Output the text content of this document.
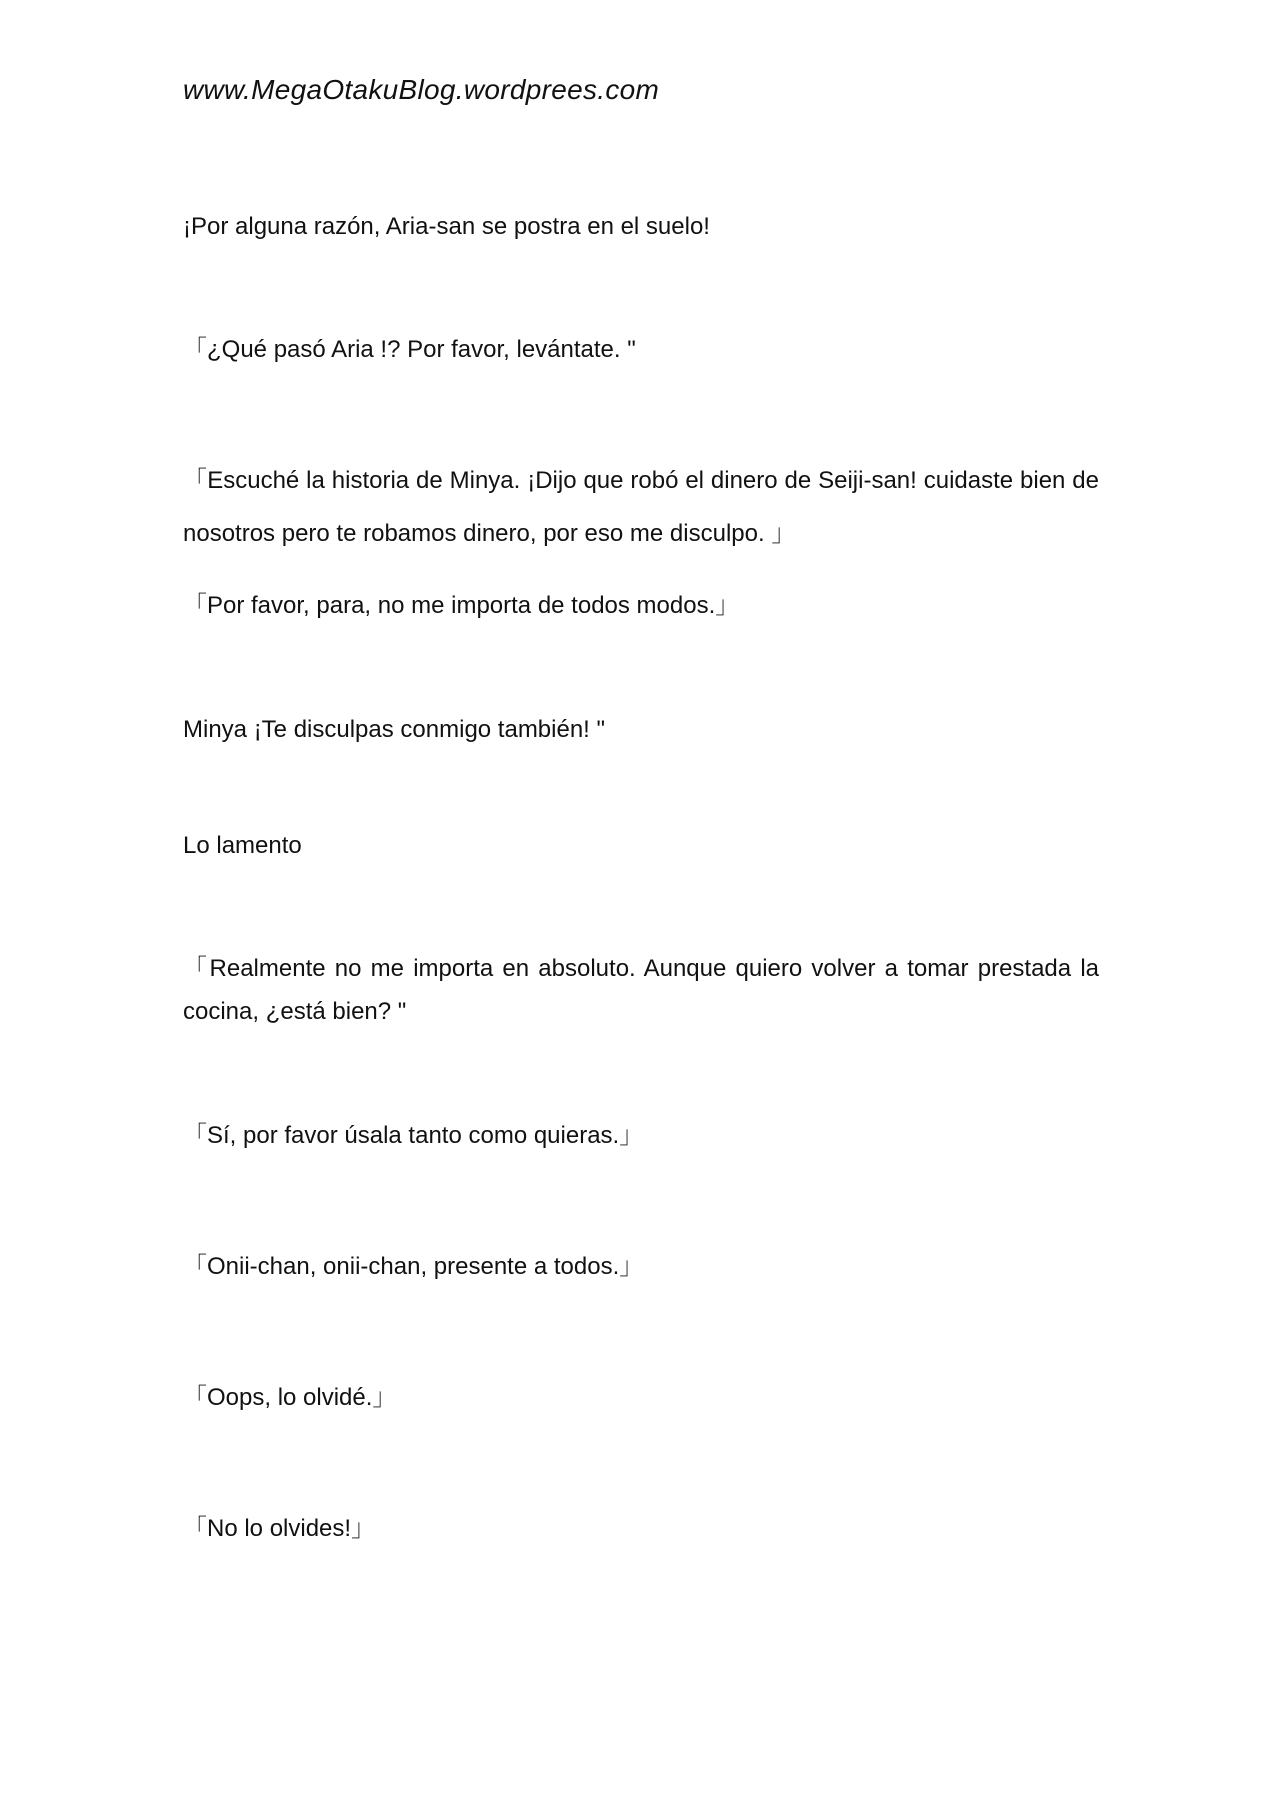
www.MegaOtakuBlog.wordprees.com
¡Por alguna razón, Aria-san se postra en el suelo!
「¿Qué pasó Aria !? Por favor, levántate. "
「Escuché la historia de Minya. ¡Dijo que robó el dinero de Seiji-san! cuidaste bien de
nosotros pero te robamos dinero, por eso me disculpo. 」
「Por favor, para, no me importa de todos modos.」
Minya ¡Te disculpas conmigo también! "
Lo lamento
「Realmente no me importa en absoluto. Aunque quiero volver a tomar prestada la
cocina, ¿está bien? "
「Sí, por favor úsala tanto como quieras.」
「Onii-chan, onii-chan, presente a todos.」
「Oops, lo olvidé.」
「No lo olvides!」
